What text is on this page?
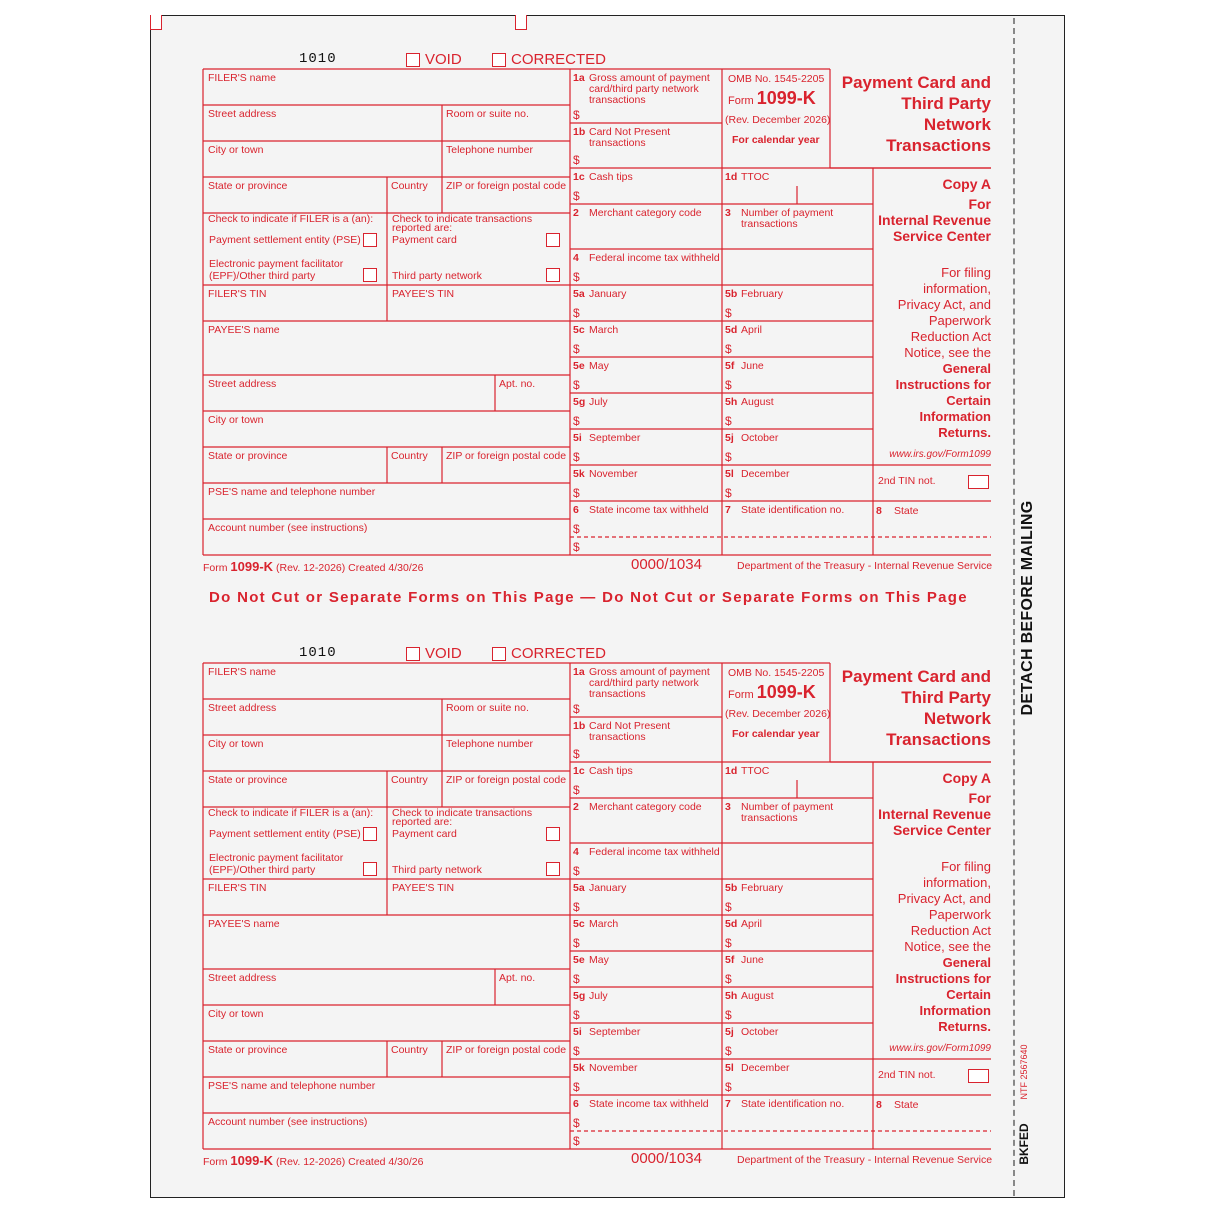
DETACH BEFORE MAILING
NTF 2567640
BKFED
Do Not Cut or Separate Forms on This Page — Do Not Cut or Separate Forms on This Page
1010	VOID	CORRECTED
FILER'S name
Street address	Room or suite no.
City or town	Telephone number
State or province	Country ZIP or foreign postal code
Check to indicate if FILER is a (an):
Payment settlement entity (PSE)
Electronic payment facilitator
(EPF)/Other third party
Check to indicate transactions
reported are:
Payment card
Third party network
FILER'S TIN	PAYEE'S TIN
PAYEE'S name
Street address	Apt. no.
City or town
State or province	Country ZIP or foreign postal code
PSE'S name and telephone number
Account number (see instructions)
1a Gross amount of payment
card/third party network
transactions
$
1b Card Not Present
transactions
$
1c Cash tips
$
1d TTOC
2 Merchant category code 3 Number of payment
transactions
4 Federal income tax withheld
$
5a January
$
5b February
$
5c March
$
5d April
$
5e May
$
5f June
$
5g July
$
5h August
$
5i September
$
5j October
$
5k November
$
5l December
$
6 State income tax withheld
$
$
7 State identification no.	8 State
OMB No. 1545-2205
Form 1099-K
(Rev. December 2026)
For calendar year
Payment Card and
Third Party
Network
Transactions
Copy A
For
Internal Revenue
Service Center
For filing
information,
Privacy Act, and
Paperwork
Reduction Act
Notice, see the
General
Instructions for
Certain
Information
Returns.
www.irs.gov/Form1099
2nd TIN not.
Form 1099-K (Rev. 12-2026) Created 4/30/26	0000/1034	Department of the Treasury - Internal Revenue Service
1010	VOID	CORRECTED
FILER'S name
Street address	Room or suite no.
City or town	Telephone number
State or province	Country ZIP or foreign postal code
Check to indicate if FILER is a (an):
Payment settlement entity (PSE)
Electronic payment facilitator
(EPF)/Other third party
Check to indicate transactions
reported are:
Payment card
Third party network
FILER'S TIN	PAYEE'S TIN
PAYEE'S name
Street address	Apt. no.
City or town
State or province	Country ZIP or foreign postal code
PSE'S name and telephone number
Account number (see instructions)
1a Gross amount of payment
card/third party network
transactions
$
1b Card Not Present
transactions
$
1c Cash tips
$
1d TTOC
2 Merchant category code 3 Number of payment
transactions
4 Federal income tax withheld
$
5a January
$
5b February
$
5c March
$
5d April
$
5e May
$
5f June
$
5g July
$
5h August
$
5i September
$
5j October
$
5k November
$
5l December
$
6 State income tax withheld
$
$
7 State identification no.	8 State
OMB No. 1545-2205
Form 1099-K
(Rev. December 2026)
For calendar year
Payment Card and
Third Party
Network
Transactions
Copy A
For
Internal Revenue
Service Center
For filing
information,
Privacy Act, and
Paperwork
Reduction Act
Notice, see the
General
Instructions for
Certain
Information
Returns.
www.irs.gov/Form1099
2nd TIN not.
Form 1099-K (Rev. 12-2026) Created 4/30/26	0000/1034	Department of the Treasury - Internal Revenue Service
